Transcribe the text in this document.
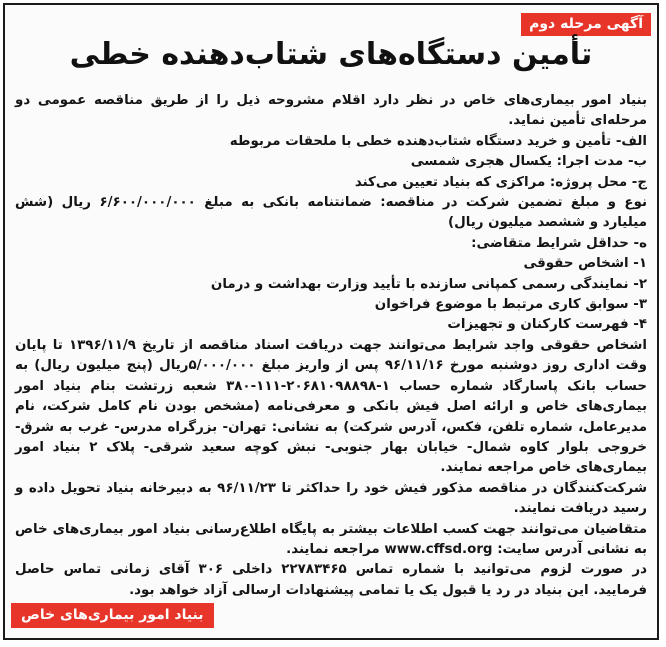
آگهی مرحله دوم
تأمین دستگاه‌های شتاب‌دهنده خطی

بنیاد امور بیماری‌های خاص در نظر دارد اقلام مشروحه ذیل را از طریق مناقصه عمومی دو مرحله‌ای تأمین نماید.

الف- تأمین و خرید دستگاه شتاب‌دهنده خطی با ملحقات مربوطه

ب- مدت اجرا: یکسال هجری شمسی

ج- محل پروژه: مراکزی که بنیاد تعیین می‌کند

نوع و مبلغ تضمین شرکت در مناقصه: ضمانتنامه بانکی به مبلغ ۶/۶۰۰/۰۰۰/۰۰۰ ریال (شش میلیارد و ششصد میلیون ریال)

ه- حداقل شرایط متقاضی:

۱- اشخاص حقوقی

۲- نمایندگی رسمی کمپانی سازنده با تأیید وزارت بهداشت و درمان

۳- سوابق کاری مرتبط با موضوع فراخوان

۴- فهرست کارکنان و تجهیزات

اشخاص حقوقی واجد شرایط می‌توانند جهت دریافت اسناد مناقصه از تاریخ ۱۳۹۶/۱۱/۹ تا پایان وقت اداری روز دوشنبه مورخ ۹۶/۱۱/۱۶ پس از واریز مبلغ ۵/۰۰۰/۰۰۰ریال (پنج میلیون ریال) به حساب بانک پاسارگاد شماره حساب ۱-۲۰۶۸۱۰۹۸۸۹۸-۱۱۱-۳۸۰ شعبه زرتشت بنام بنیاد امور بیماری‌های خاص و ارائه اصل فیش بانکی و معرفی‌نامه (مشخص بودن نام کامل شرکت، نام مدیرعامل، شماره تلفن، فکس، آدرس شرکت) به نشانی: تهران- بزرگراه مدرس- غرب به شرق- خروجی بلوار کاوه شمال- خیابان بهار جنوبی- نبش کوچه سعید شرقی- پلاک ۲ بنیاد امور بیماری‌های خاص مراجعه نمایند.

شرکت‌کنندگان در مناقصه مذکور فیش خود را حداکثر تا ۹۶/۱۱/۲۳ به دبیرخانه بنیاد تحویل داده و رسید دریافت نمایند.

متقاضیان می‌توانند جهت کسب اطلاعات بیشتر به پایگاه اطلاع‌رسانی بنیاد امور بیماری‌های خاص به نشانی آدرس سایت: www.cffsd.org مراجعه نمایند.

در صورت لزوم می‌توانید با شماره تماس ۲۲۷۸۳۴۶۵ داخلی ۳۰۶ آقای زمانی تماس حاصل فرمایید. این بنیاد در رد یا قبول یک یا تمامی پیشنهادات ارسالی آزاد خواهد بود.

بنیاد امور بیماری‌های خاص
